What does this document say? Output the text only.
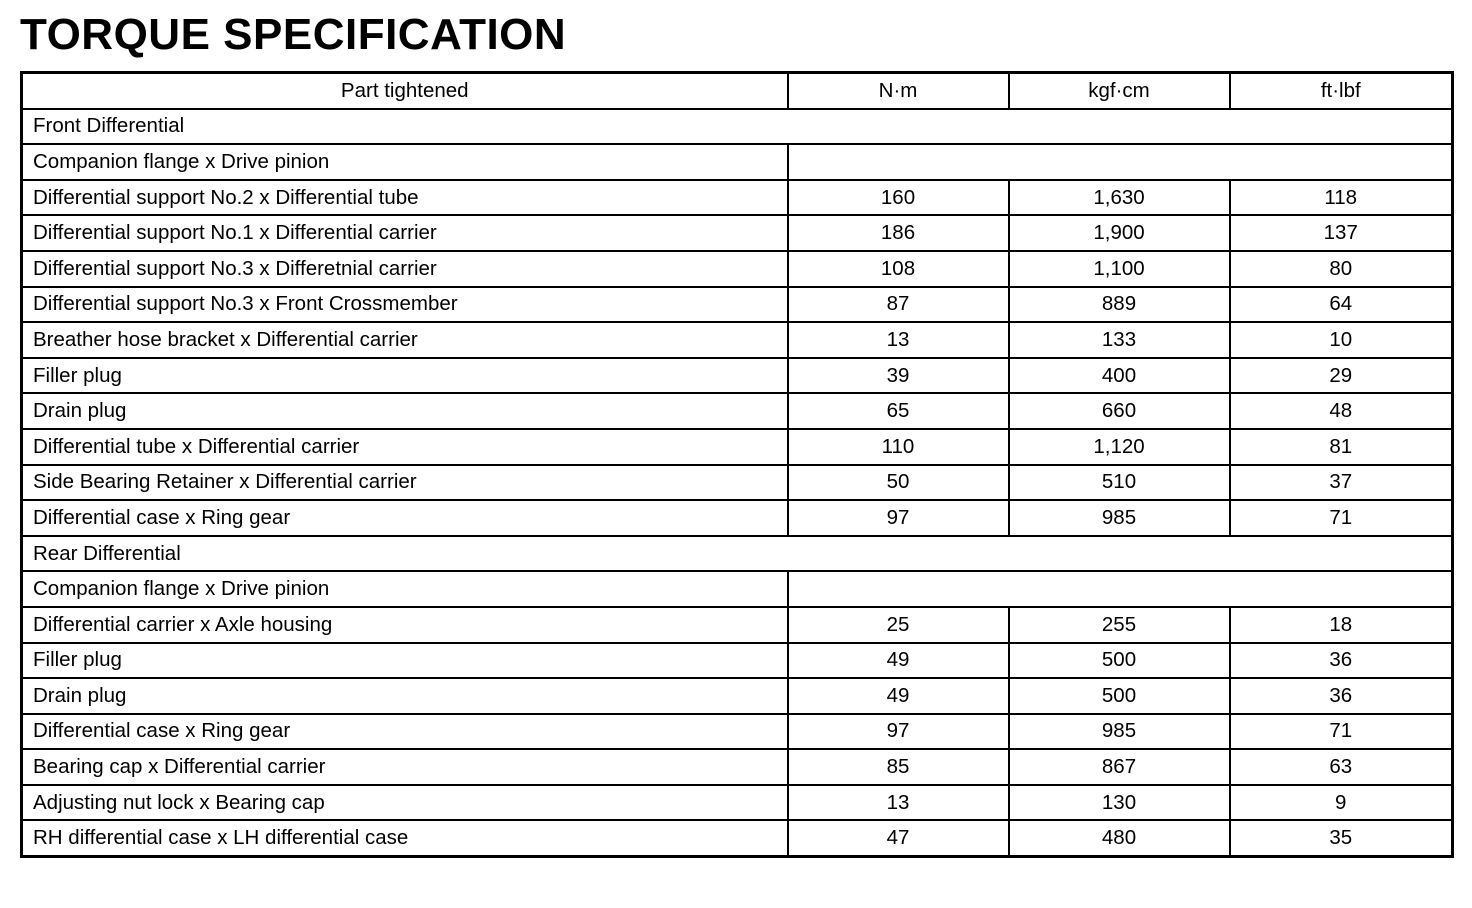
TORQUE SPECIFICATION
Part tightened	N·m	kgf·cm	ft·lbf
Front Differential			
Companion flange x Drive pinion			
Differential support No.2 x Differential tube	160	1,630	118
Differential support No.1 x Differential carrier	186	1,900	137
Differential support No.3 x Differetnial carrier	108	1,100	80
Differential support No.3 x Front Crossmember	87	889	64
Breather hose bracket x Differential carrier	13	133	10
Filler plug	39	400	29
Drain plug	65	660	48
Differential tube x Differential carrier	110	1,120	81
Side Bearing Retainer x Differential carrier	50	510	37
Differential case x Ring gear	97	985	71
Rear Differential			
Companion flange x Drive pinion			
Differential carrier x Axle housing	25	255	18
Filler plug	49	500	36
Drain plug	49	500	36
Differential case x Ring gear	97	985	71
Bearing cap x Differential carrier	85	867	63
Adjusting nut lock x Bearing cap	13	130	9
RH differential case x LH differential case	47	480	35
